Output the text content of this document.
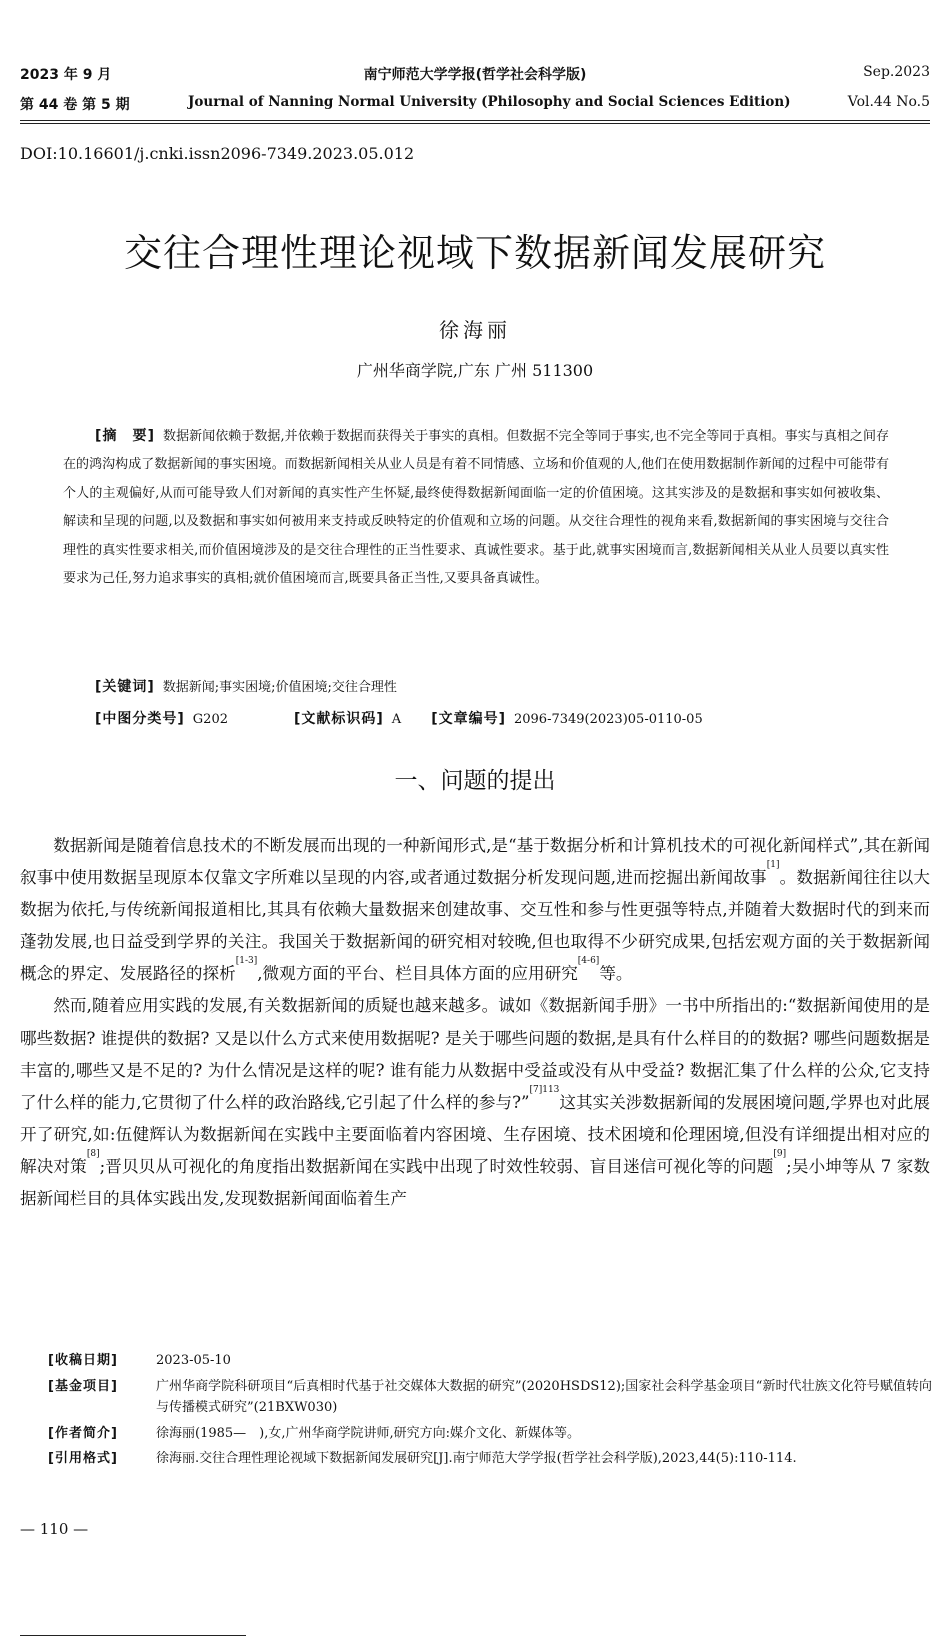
2023 年 9 月	南宁师范大学学报(哲学社会科学版)	Sep.2023
第 44 卷 第 5 期	Journal of Nanning Normal University (Philosophy and Social Sciences Edition)	Vol.44 No.5
DOI:10.16601/j.cnki.issn2096-7349.2023.05.012
交往合理性理论视域下数据新闻发展研究
徐海丽
广州华商学院,广东 广州 511300
[摘　要] 数据新闻依赖于数据,并依赖于数据而获得关于事实的真相。但数据不完全等同于事实,也不完全等同于真相。事实与真相之间存在的鸿沟构成了数据新闻的事实困境。而数据新闻相关从业人员是有着不同情感、立场和价值观的人,他们在使用数据制作新闻的过程中可能带有个人的主观偏好,从而可能导致人们对新闻的真实性产生怀疑,最终使得数据新闻面临一定的价值困境。这其实涉及的是数据和事实如何被收集、解读和呈现的问题,以及数据和事实如何被用来支持或反映特定的价值观和立场的问题。从交往合理性的视角来看,数据新闻的事实困境与交往合理性的真实性要求相关,而价值困境涉及的是交往合理性的正当性要求、真诚性要求。基于此,就事实困境而言,数据新闻相关从业人员要以真实性要求为己任,努力追求事实的真相;就价值困境而言,既要具备正当性,又要具备真诚性。
[关键词] 数据新闻;事实困境;价值困境;交往合理性
[中图分类号] G202	[文献标识码] A [文章编号] 2096-7349(2023)05-0110-05
一、问题的提出

数据新闻是随着信息技术的不断发展而出现的一种新闻形式,是“基于数据分析和计算机技术的可视化新闻样式”,其在新闻叙事中使用数据呈现原本仅靠文字所难以呈现的内容,或者通过数据分析发现问题,进而挖掘出新闻故事[1]。数据新闻往往以大数据为依托,与传统新闻报道相比,其具有依赖大量数据来创建故事、交互性和参与性更强等特点,并随着大数据时代的到来而蓬勃发展,也日益受到学界的关注。我国关于数据新闻的研究相对较晚,但也取得不少研究成果,包括宏观方面的关于数据新闻概念的界定、发展路径的探析[1-3],微观方面的平台、栏目具体方面的应用研究[4-6]等。

然而,随着应用实践的发展,有关数据新闻的质疑也越来越多。诚如《数据新闻手册》一书中所指出的:“数据新闻使用的是哪些数据? 谁提供的数据? 又是以什么方式来使用数据呢? 是关于哪些问题的数据,是具有什么样目的的数据? 哪些问题数据是丰富的,哪些又是不足的? 为什么情况是这样的呢? 谁有能力从数据中受益或没有从中受益? 数据汇集了什么样的公众,它支持了什么样的能力,它贯彻了什么样的政治路线,它引起了什么样的参与?”$^{[7]113}$这其实关涉数据新闻的发展困境问题,学界也对此展开了研究,如:伍健辉认为数据新闻在实践中主要面临着内容困境、生存困境、技术困境和伦理困境,但没有详细提出相对应的解决对策[8];晋贝贝从可视化的角度指出数据新闻在实践中出现了时效性较弱、盲目迷信可视化等的问题[9];吴小坤等从 7 家数据新闻栏目的具体实践出发,发现数据新闻面临着生产

[收稿日期]	2023-05-10
[基金项目]	广州华商学院科研项目“后真相时代基于社交媒体大数据的研究”(2020HSDS12);国家社会科学基金项目“新时代壮族文化符号赋值转向与传播模式研究”(21BXW030)
[作者简介]	徐海丽(1985—　),女,广州华商学院讲师,研究方向:媒介文化、新媒体等。
[引用格式]	徐海丽.交往合理性理论视域下数据新闻发展研究[J].南宁师范大学学报(哲学社会科学版),2023,44(5):110-114.
— 110 —
